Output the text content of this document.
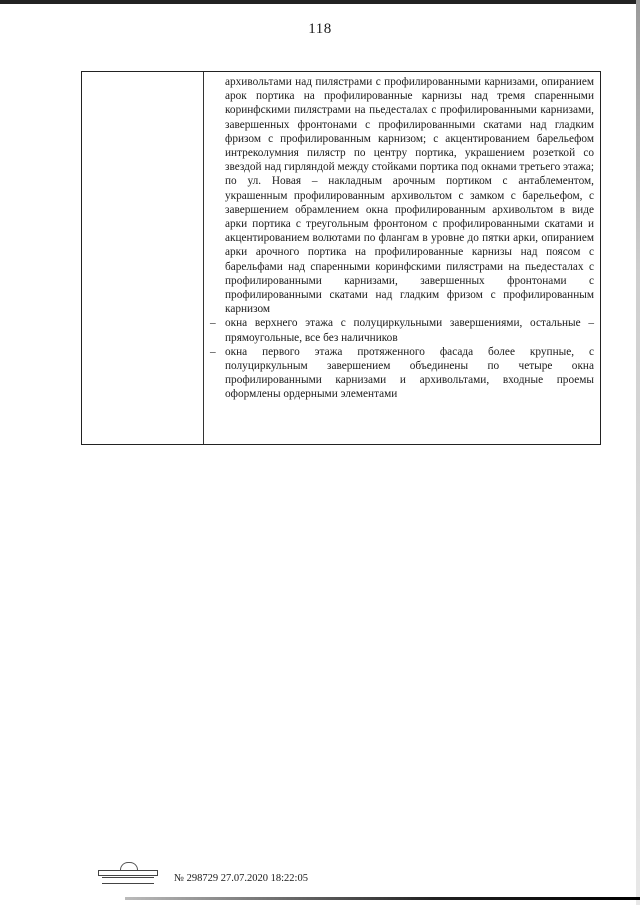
118

архивольтами над пилястрами с профилированными карнизами, опиранием арок портика на профилированные карнизы над тремя спаренными коринфскими пилястрами на пьедесталах с профилированными карнизами, завершенных фронтонами с профилированными скатами над гладким фризом с профилированным карнизом; с акцентированием барельефом интреколумния пилястр по центру портика, украшением розеткой со звездой над гирляндой между стойками портика под окнами третьего этажа; по ул. Новая – накладным арочным портиком с антаблементом, украшенным профилированным архивольтом с замком с барельефом, с завершением обрамлением окна профилированным архивольтом в виде арки портика с треугольным фронтоном с профилированными скатами и акцентированием волютами по флангам в уровне до пятки арки, опиранием арки арочного портика на профилированные карнизы над поясом с барельфами над спаренными коринфскими пилястрами на пьедесталах с профилированными карнизами, завершенных фронтонами с профилированными скатами над гладким фризом с профилированным карнизом

– окна верхнего этажа с полуциркульными завершениями, остальные – прямоугольные, все без наличников
– окна первого этажа протяженного фасада более крупные, с полуциркульным завершением объединены по четыре окна профилированными карнизами и архивольтами, входные проемы оформлены ордерными элементами
№ 298729 27.07.2020 18:22:05
